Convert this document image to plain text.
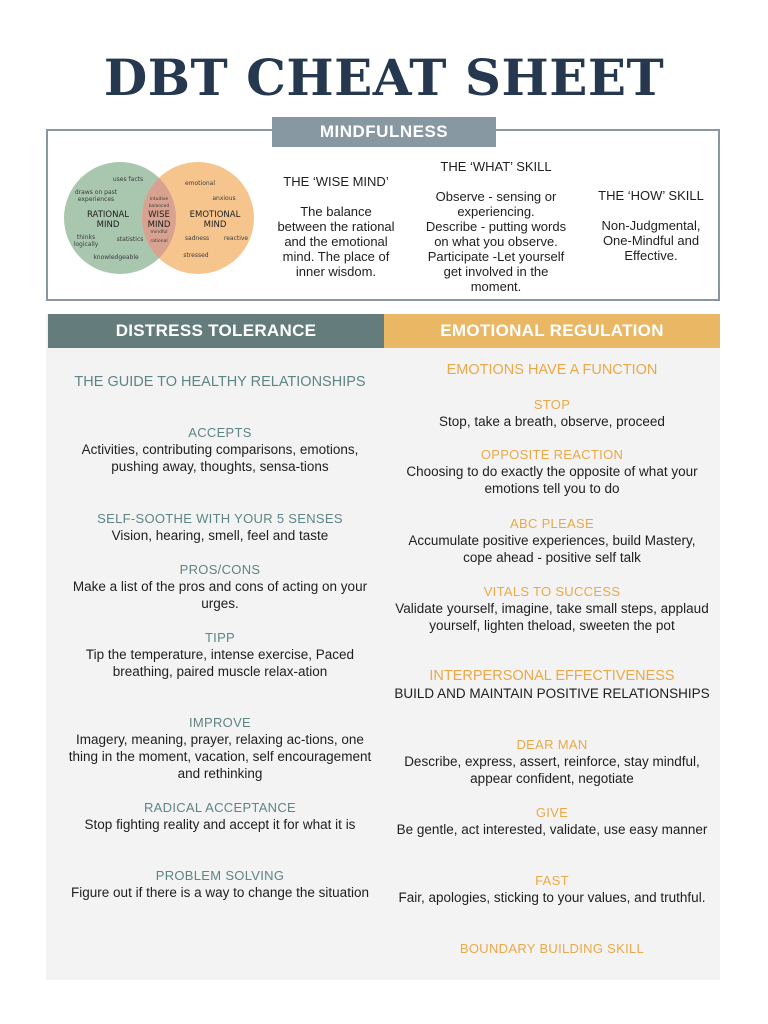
DBT CHEAT SHEET
MINDFULNESS
uses facts
draws on past
experiences
thinks
logically
statistics
knowledgeable
emotional
anxious
sadness reactive
stressed
intuitive
balanced
mindful
rational
RATIONAL
MIND
EMOTIONAL
MIND
WISE
MIND
THE ‘WISE MIND’
The balance
between the rational
and the emotional
mind. The place of
inner wisdom.
THE ‘WHAT’ SKILL
Observe - sensing or
experiencing.
Describe - putting words
on what you observe.
Participate -Let yourself
get involved in the
moment.
THE ‘HOW’ SKILL
Non-Judgmental,
One-Mindful and
Effective.
DISTRESS TOLERANCE	EMOTIONAL REGULATION
THE GUIDE TO HEALTHY RELATIONSHIPS
ACCEPTS
Activities, contributing comparisons, emotions, pushing away, thoughts, sensa-tions
SELF-SOOTHE WITH YOUR 5 SENSES
Vision, hearing, smell, feel and taste
PROS/CONS
Make a list of the pros and cons of acting on your urges.
TIPP
Tip the temperature, intense exercise, Paced breathing, paired muscle relax-ation
IMPROVE
Imagery, meaning, prayer, relaxing ac-tions, one thing in the moment, vacation, self encouragement and rethinking
RADICAL ACCEPTANCE
Stop fighting reality and accept it for what it is
PROBLEM SOLVING
Figure out if there is a way to change the situation
EMOTIONS HAVE A FUNCTION
STOP
Stop, take a breath, observe, proceed
OPPOSITE REACTION
Choosing to do exactly the opposite of what your emotions tell you to do
ABC PLEASE
Accumulate positive experiences, build Mastery, cope ahead - positive self talk
VITALS TO SUCCESS
Validate yourself, imagine, take small steps, applaud yourself, lighten theload, sweeten the pot
INTERPERSONAL EFFECTIVENESS
BUILD AND MAINTAIN POSITIVE RELATIONSHIPS
DEAR MAN
Describe, express, assert, reinforce, stay mindful, appear confident, negotiate
GIVE
Be gentle, act interested, validate, use easy manner
FAST
Fair, apologies, sticking to your values, and truthful.
BOUNDARY BUILDING SKILL
